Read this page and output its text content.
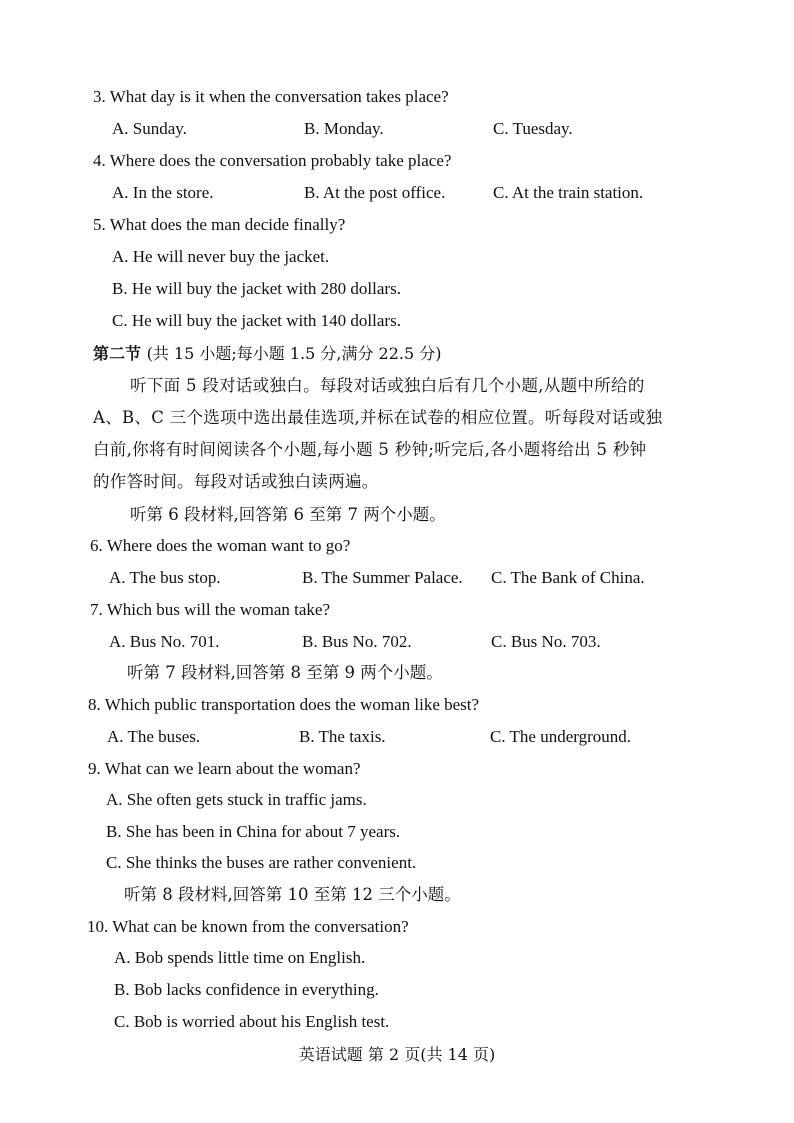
3. What day is it when the conversation takes place?
A. Sunday.	B. Monday.	C. Tuesday.
4. Where does the conversation probably take place?
A. In the store.	B. At the post office.	C. At the train station.
5. What does the man decide finally?
A. He will never buy the jacket.
B. He will buy the jacket with 280 dollars.
C. He will buy the jacket with 140 dollars.
第二节 (共 15 小题;每小题 1.5 分,满分 22.5 分)
听下面 5 段对话或独白。每段对话或独白后有几个小题,从题中所给的
A、B、C 三个选项中选出最佳选项,并标在试卷的相应位置。听每段对话或独
白前,你将有时间阅读各个小题,每小题 5 秒钟;听完后,各小题将给出 5 秒钟
的作答时间。每段对话或独白读两遍。
听第 6 段材料,回答第 6 至第 7 两个小题。
6. Where does the woman want to go?
A. The bus stop.	B. The Summer Palace. C. The Bank of China.
7. Which bus will the woman take?
A. Bus No. 701.	B. Bus No. 702.	C. Bus No. 703.
听第 7 段材料,回答第 8 至第 9 两个小题。
8. Which public transportation does the woman like best?
A. The buses.	B. The taxis.	C. The underground.
9. What can we learn about the woman?
A. She often gets stuck in traffic jams.
B. She has been in China for about 7 years.
C. She thinks the buses are rather convenient.
听第 8 段材料,回答第 10 至第 12 三个小题。
10. What can be known from the conversation?
A. Bob spends little time on English.
B. Bob lacks confidence in everything.
C. Bob is worried about his English test.
英语试题 第 2 页(共 14 页)
